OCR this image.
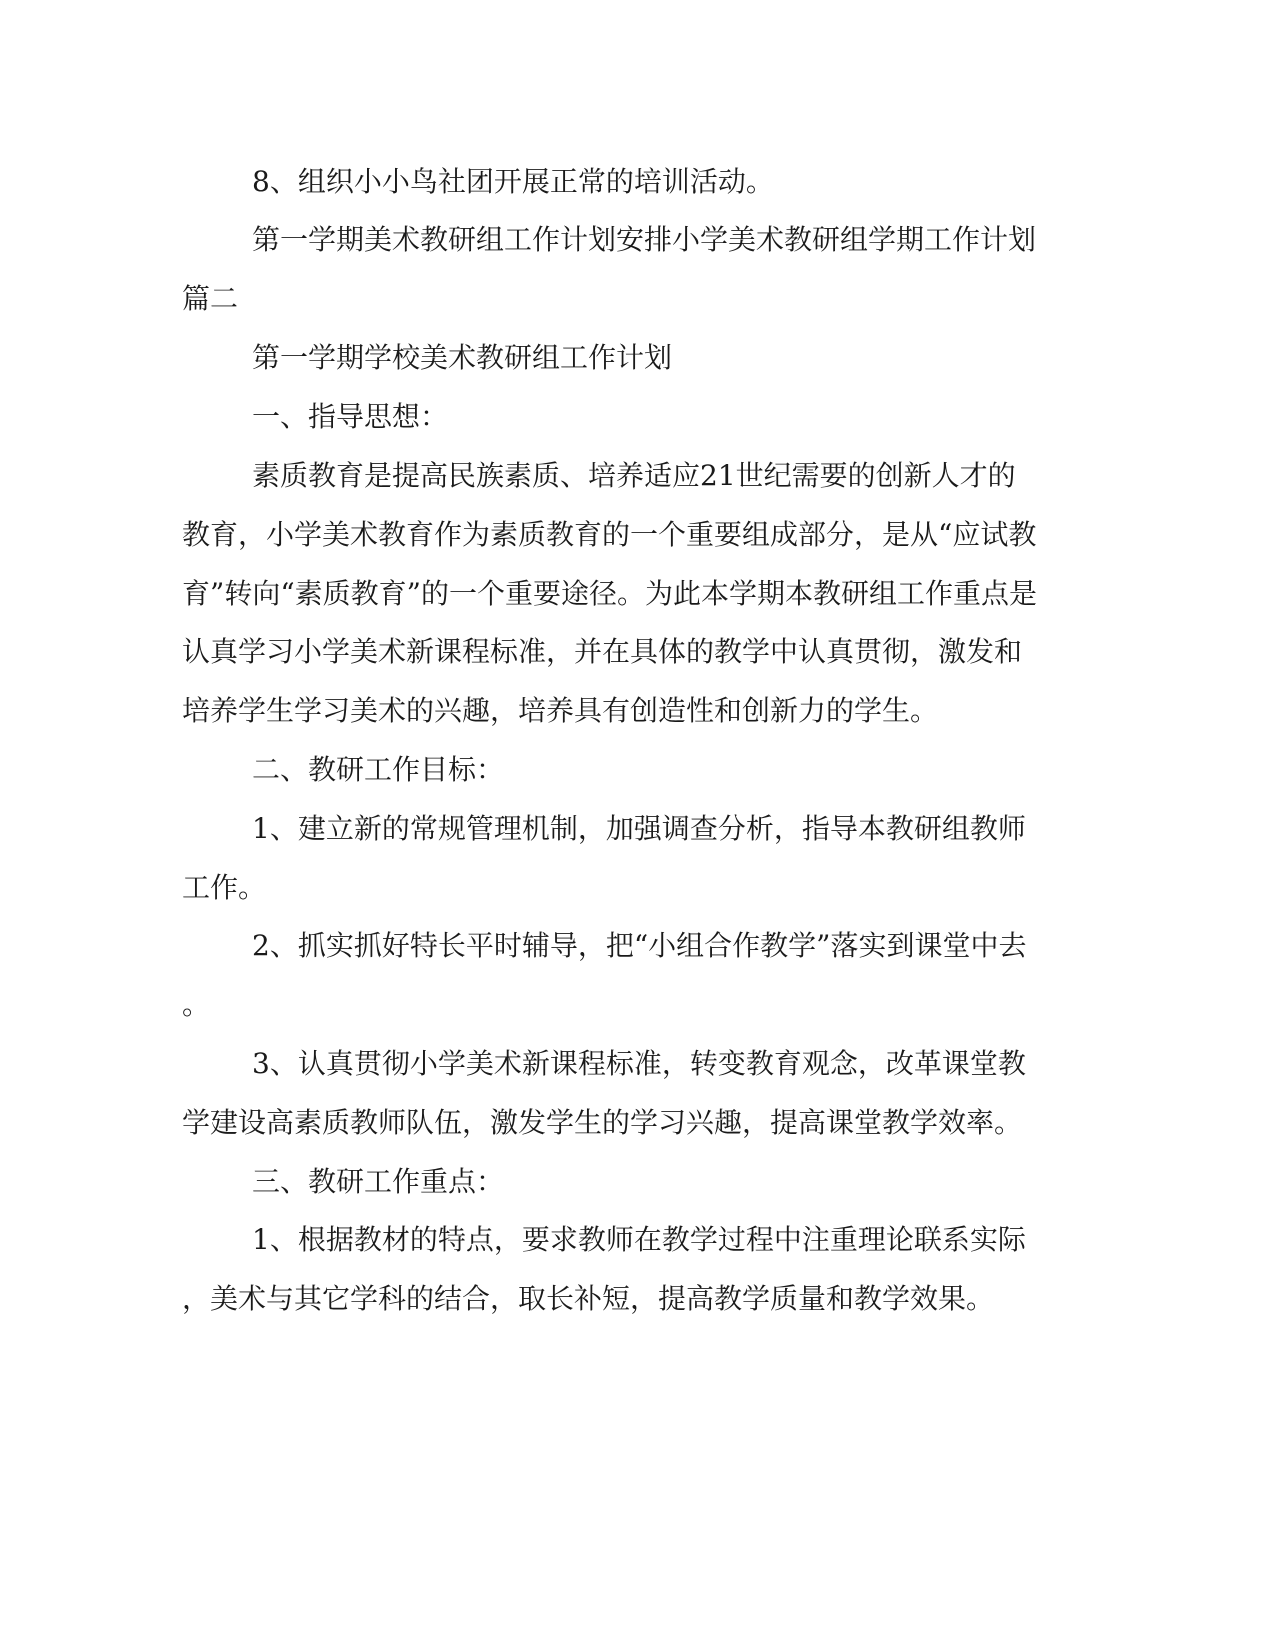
8、组织小小鸟社团开展正常的培训活动。
第一学期美术教研组工作计划安排小学美术教研组学期工作计划
篇二
第一学期学校美术教研组工作计划
一、指导思想：
素质教育是提高民族素质、培养适应21世纪需要的创新人才的
教育，小学美术教育作为素质教育的一个重要组成部分，是从“应试教
育”转向“素质教育”的一个重要途径。为此本学期本教研组工作重点是
认真学习小学美术新课程标准，并在具体的教学中认真贯彻，激发和
培养学生学习美术的兴趣，培养具有创造性和创新力的学生。
二、教研工作目标：
1、建立新的常规管理机制，加强调查分析，指导本教研组教师
工作。
2、抓实抓好特长平时辅导，把“小组合作教学”落实到课堂中去
。
3、认真贯彻小学美术新课程标准，转变教育观念，改革课堂教
学建设高素质教师队伍，激发学生的学习兴趣，提高课堂教学效率。
三、教研工作重点：
1、根据教材的特点，要求教师在教学过程中注重理论联系实际
，美术与其它学科的结合，取长补短，提高教学质量和教学效果。
